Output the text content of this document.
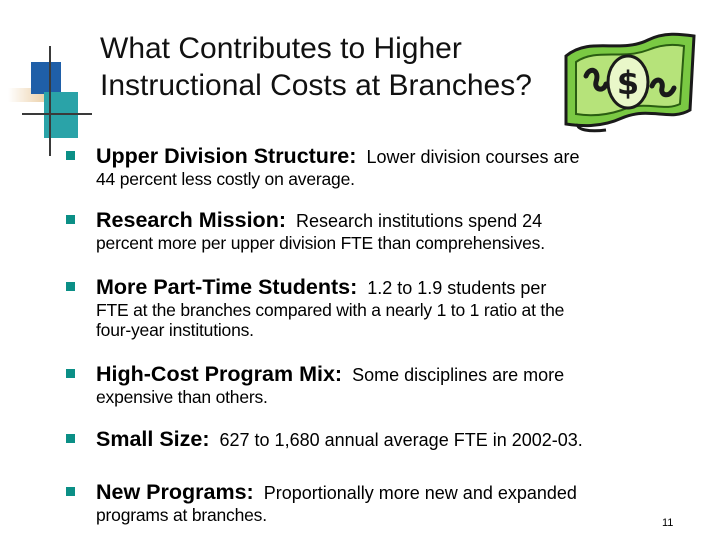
What Contributes to Higher
Instructional Costs at Branches?	$
Upper Division Structure: Lower division courses are
44 percent less costly on average.
Research Mission: Research institutions spend 24
percent more per upper division FTE than comprehensives.
More Part-Time Students: 1.2 to 1.9 students per
FTE at the branches compared with a nearly 1 to 1 ratio at the
four-year institutions.
High-Cost Program Mix: Some disciplines are more
expensive than others.
Small Size: 627 to 1,680 annual average FTE in 2002-03.
New Programs: Proportionally more new and expanded
programs at branches.	11
